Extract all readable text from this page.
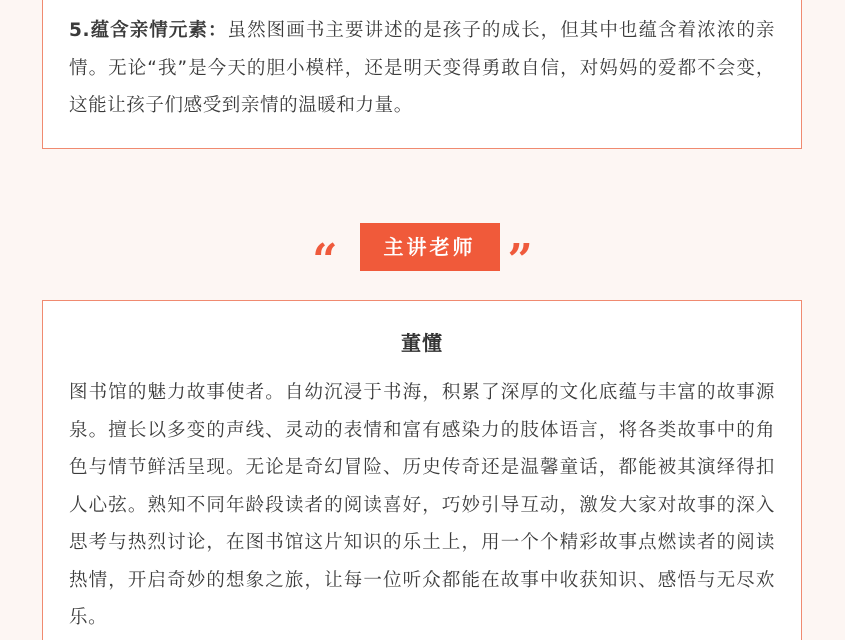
5.蕴含亲情元素：虽然图画书主要讲述的是孩子的成长，但其中也蕴含着浓浓的亲情。无论“我”是今天的胆小模样，还是明天变得勇敢自信，对妈妈的爱都不会变，这能让孩子们感受到亲情的温暖和力量。

“	主讲老师 ”

董懂

图书馆的魅力故事使者。自幼沉浸于书海，积累了深厚的文化底蕴与丰富的故事源泉。擅长以多变的声线、灵动的表情和富有感染力的肢体语言，将各类故事中的角色与情节鲜活呈现。无论是奇幻冒险、历史传奇还是温馨童话，都能被其演绎得扣人心弦。熟知不同年龄段读者的阅读喜好，巧妙引导互动，激发大家对故事的深入思考与热烈讨论，在图书馆这片知识的乐土上，用一个个精彩故事点燃读者的阅读热情，开启奇妙的想象之旅，让每一位听众都能在故事中收获知识、感悟与无尽欢乐。
